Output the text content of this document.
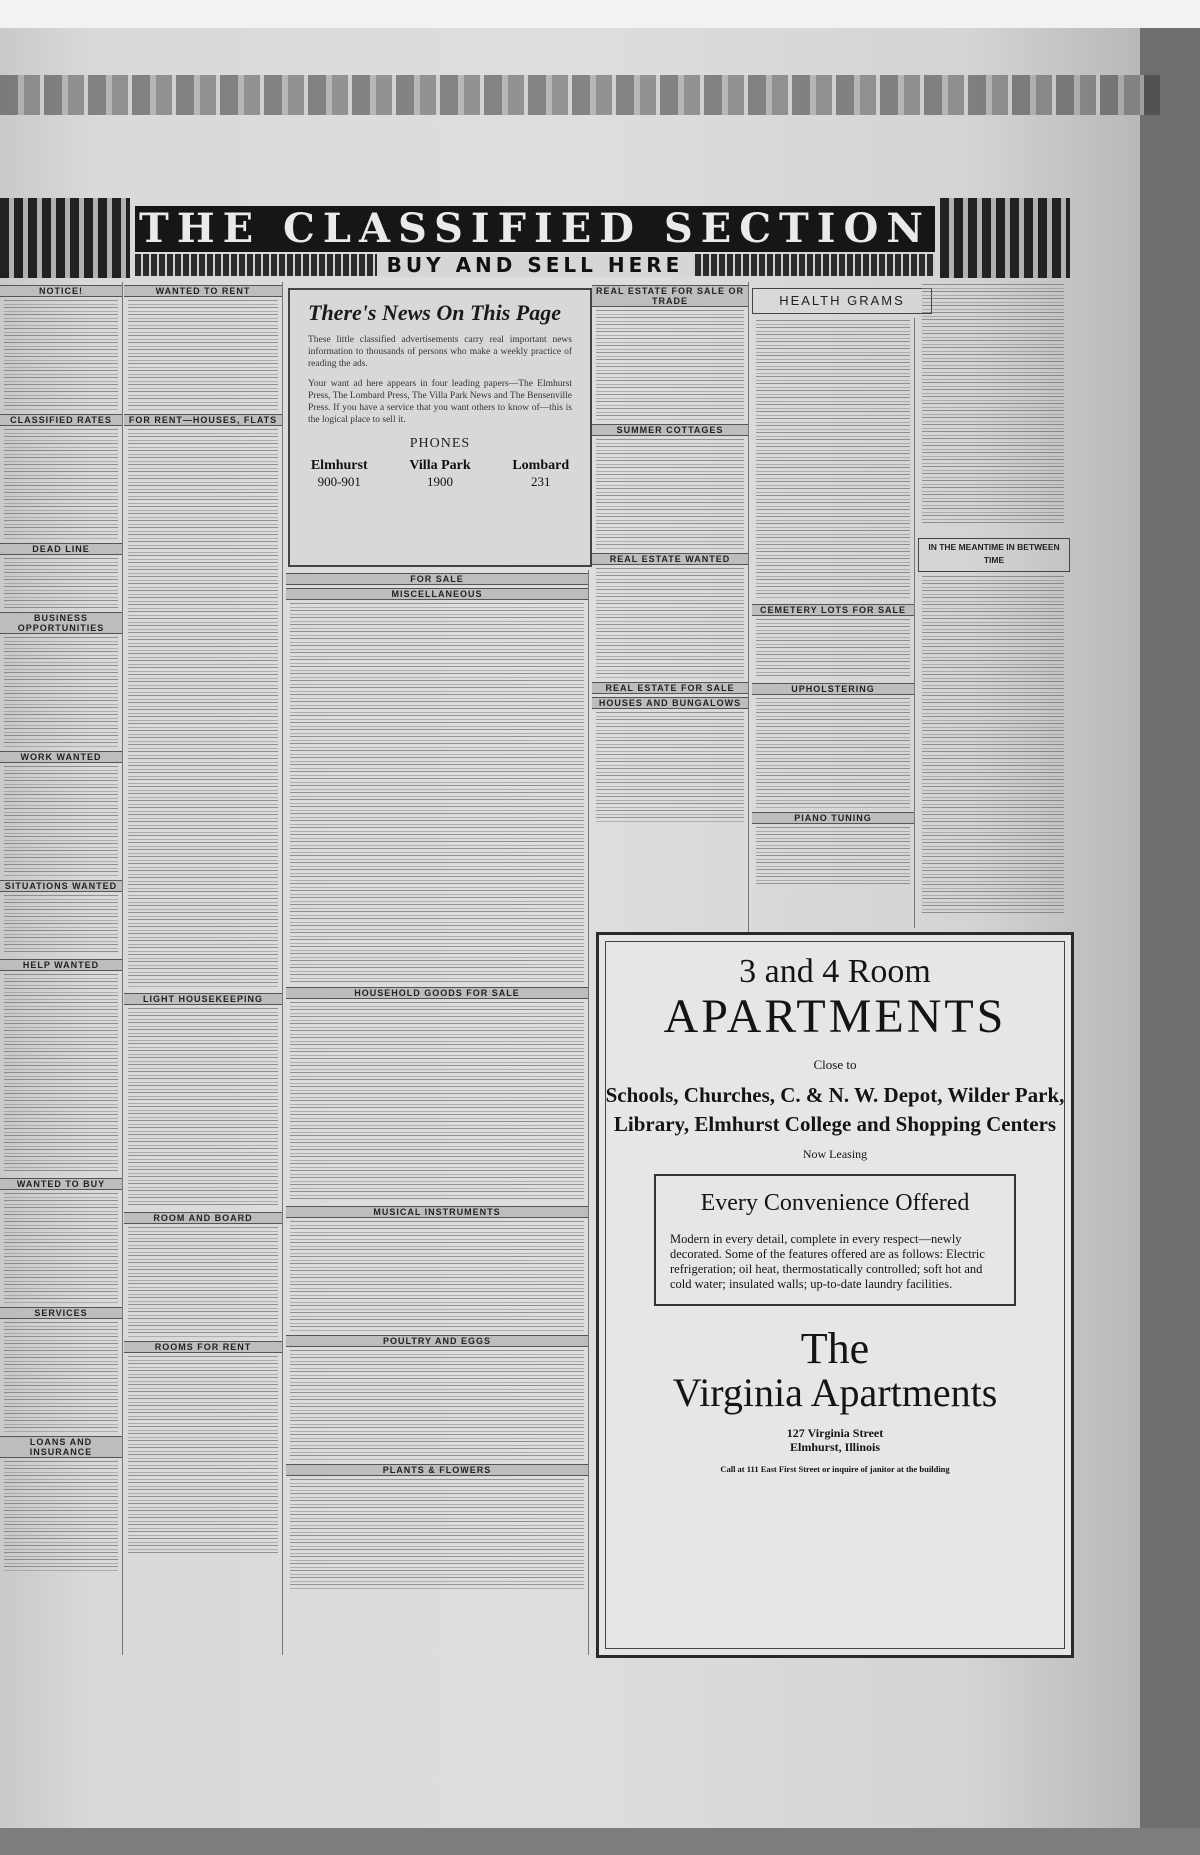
THE CLASSIFIED SECTION
BUY AND SELL HERE
NOTICE!
CLASSIFIED RATES
DEAD LINE
BUSINESS OPPORTUNITIES
WORK WANTED
SITUATIONS WANTED
HELP WANTED
WANTED TO BUY
SERVICES
LOANS AND INSURANCE
WANTED TO RENT
FOR RENT—HOUSES, FLATS
LIGHT HOUSEKEEPING
ROOM AND BOARD
ROOMS FOR RENT
There's News On This Page
These little classified advertisements carry real important news information to thousands of persons who make a weekly practice of reading the ads.
Your want ad here appears in four leading papers—The Elmhurst Press, The Lombard Press, The Villa Park News and The Bensenville Press. If you have a service that you want others to know of—this is the logical place to sell it.
PHONES
Elmhurst
900-901
Villa Park
1900
Lombard
231
FOR SALE
MISCELLANEOUS
HOUSEHOLD GOODS FOR SALE
MUSICAL INSTRUMENTS
POULTRY AND EGGS
PLANTS & FLOWERS
REAL ESTATE FOR SALE OR TRADE
SUMMER COTTAGES
REAL ESTATE WANTED
REAL ESTATE FOR SALE
HOUSES AND BUNGALOWS
CEMETERY LOTS FOR SALE
UPHOLSTERING
PIANO TUNING
HEALTH GRAMS
IN THE MEANTIME IN BETWEEN TIME
3 and 4 Room
APARTMENTS
Close to
Schools, Churches, C. & N. W. Depot, Wilder Park, Library, Elmhurst College and Shopping Centers
Now Leasing
Every Convenience Offered
Modern in every detail, complete in every respect—newly decorated. Some of the features offered are as follows: Electric refrigeration; oil heat, thermostatically controlled; soft hot and cold water; insulated walls; up-to-date laundry facilities.
The
Virginia Apartments
127 Virginia Street
Elmhurst, Illinois
Call at 111 East First Street or inquire of janitor at the building
